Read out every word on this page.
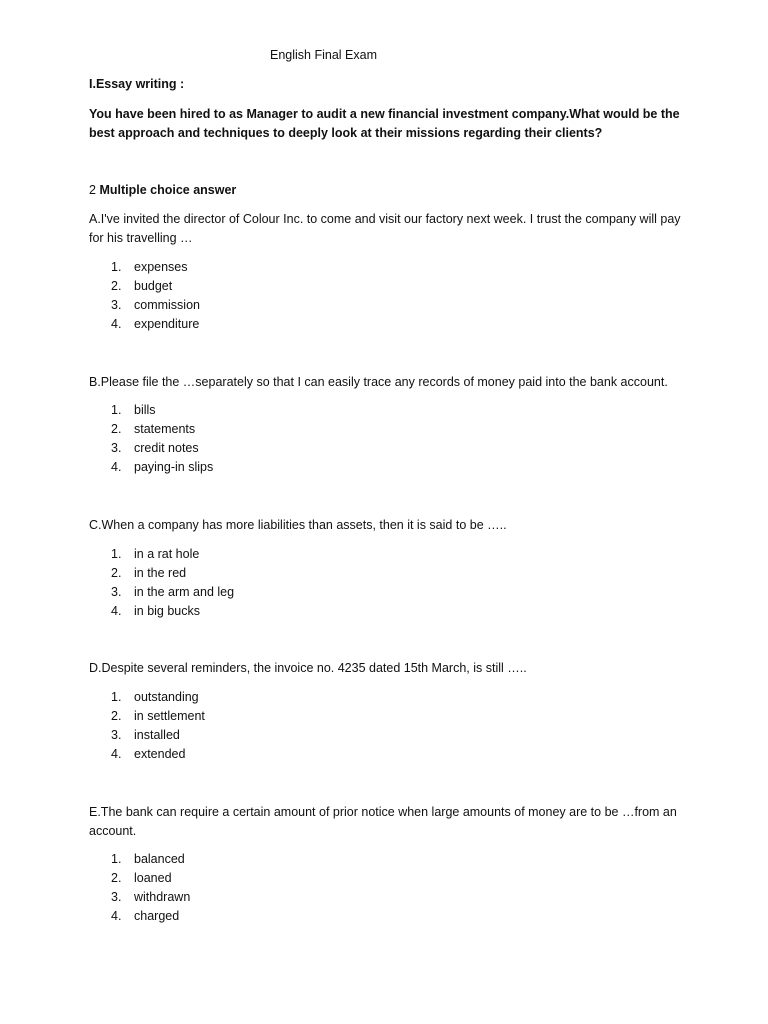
English Final Exam
I.Essay writing :
You have been hired to as Manager to audit a new financial investment company.What would be the best approach and techniques to deeply look at their missions regarding their clients?
2 Multiple choice answer
A.I've invited the director of Colour Inc. to come and visit our factory next week. I trust the company will pay for his travelling …
1. expenses
2. budget
3. commission
4. expenditure
B.Please file the …separately so that I can easily trace any records of money paid into the bank account.
1. bills
2. statements
3. credit notes
4. paying-in slips
C.When a company has more liabilities than assets, then it is said to be …..
1. in a rat hole
2. in the red
3. in the arm and leg
4. in big bucks
D.Despite several reminders, the invoice no. 4235 dated 15th March, is still …..
1. outstanding
2. in settlement
3. installed
4. extended
E.The bank can require a certain amount of prior notice when large amounts of money are to be …from an account.
1. balanced
2. loaned
3. withdrawn
4. charged
